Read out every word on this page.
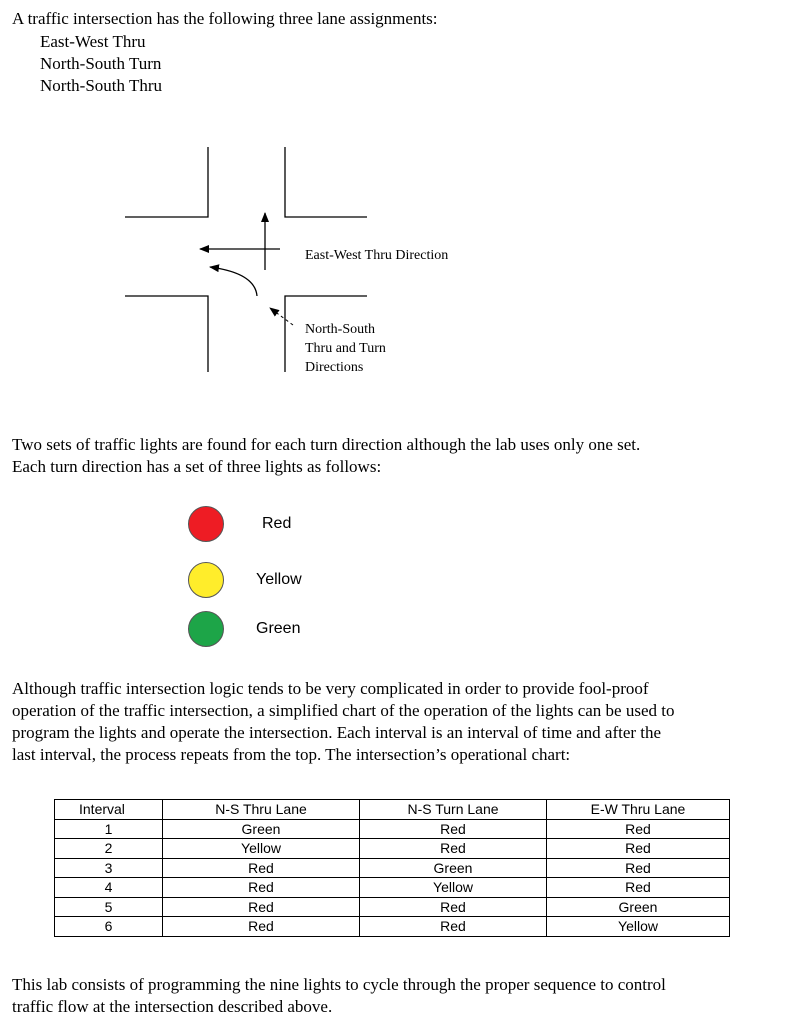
A traffic intersection has the following three lane assignments:
East-West Thru
North-South Turn
North-South Thru
East-West Thru Direction
North-South
Thru and Turn
Directions
Two sets of traffic lights are found for each turn direction although the lab uses only one set.
Each turn direction has a set of three lights as follows:
Red
Yellow
Green
Although traffic intersection logic tends to be very complicated in order to provide fool-proof
operation of the traffic intersection, a simplified chart of the operation of the lights can be used to
program the lights and operate the intersection. Each interval is an interval of time and after the
last interval, the process repeats from the top. The intersection’s operational chart:
Interval	N-S Thru Lane	N-S Turn Lane	E-W Thru Lane
1	Green	Red	Red
2	Yellow	Red	Red
3	Red	Green	Red
4	Red	Yellow	Red
5	Red	Red	Green
6	Red	Red	Yellow
This lab consists of programming the nine lights to cycle through the proper sequence to control
traffic flow at the intersection described above.
